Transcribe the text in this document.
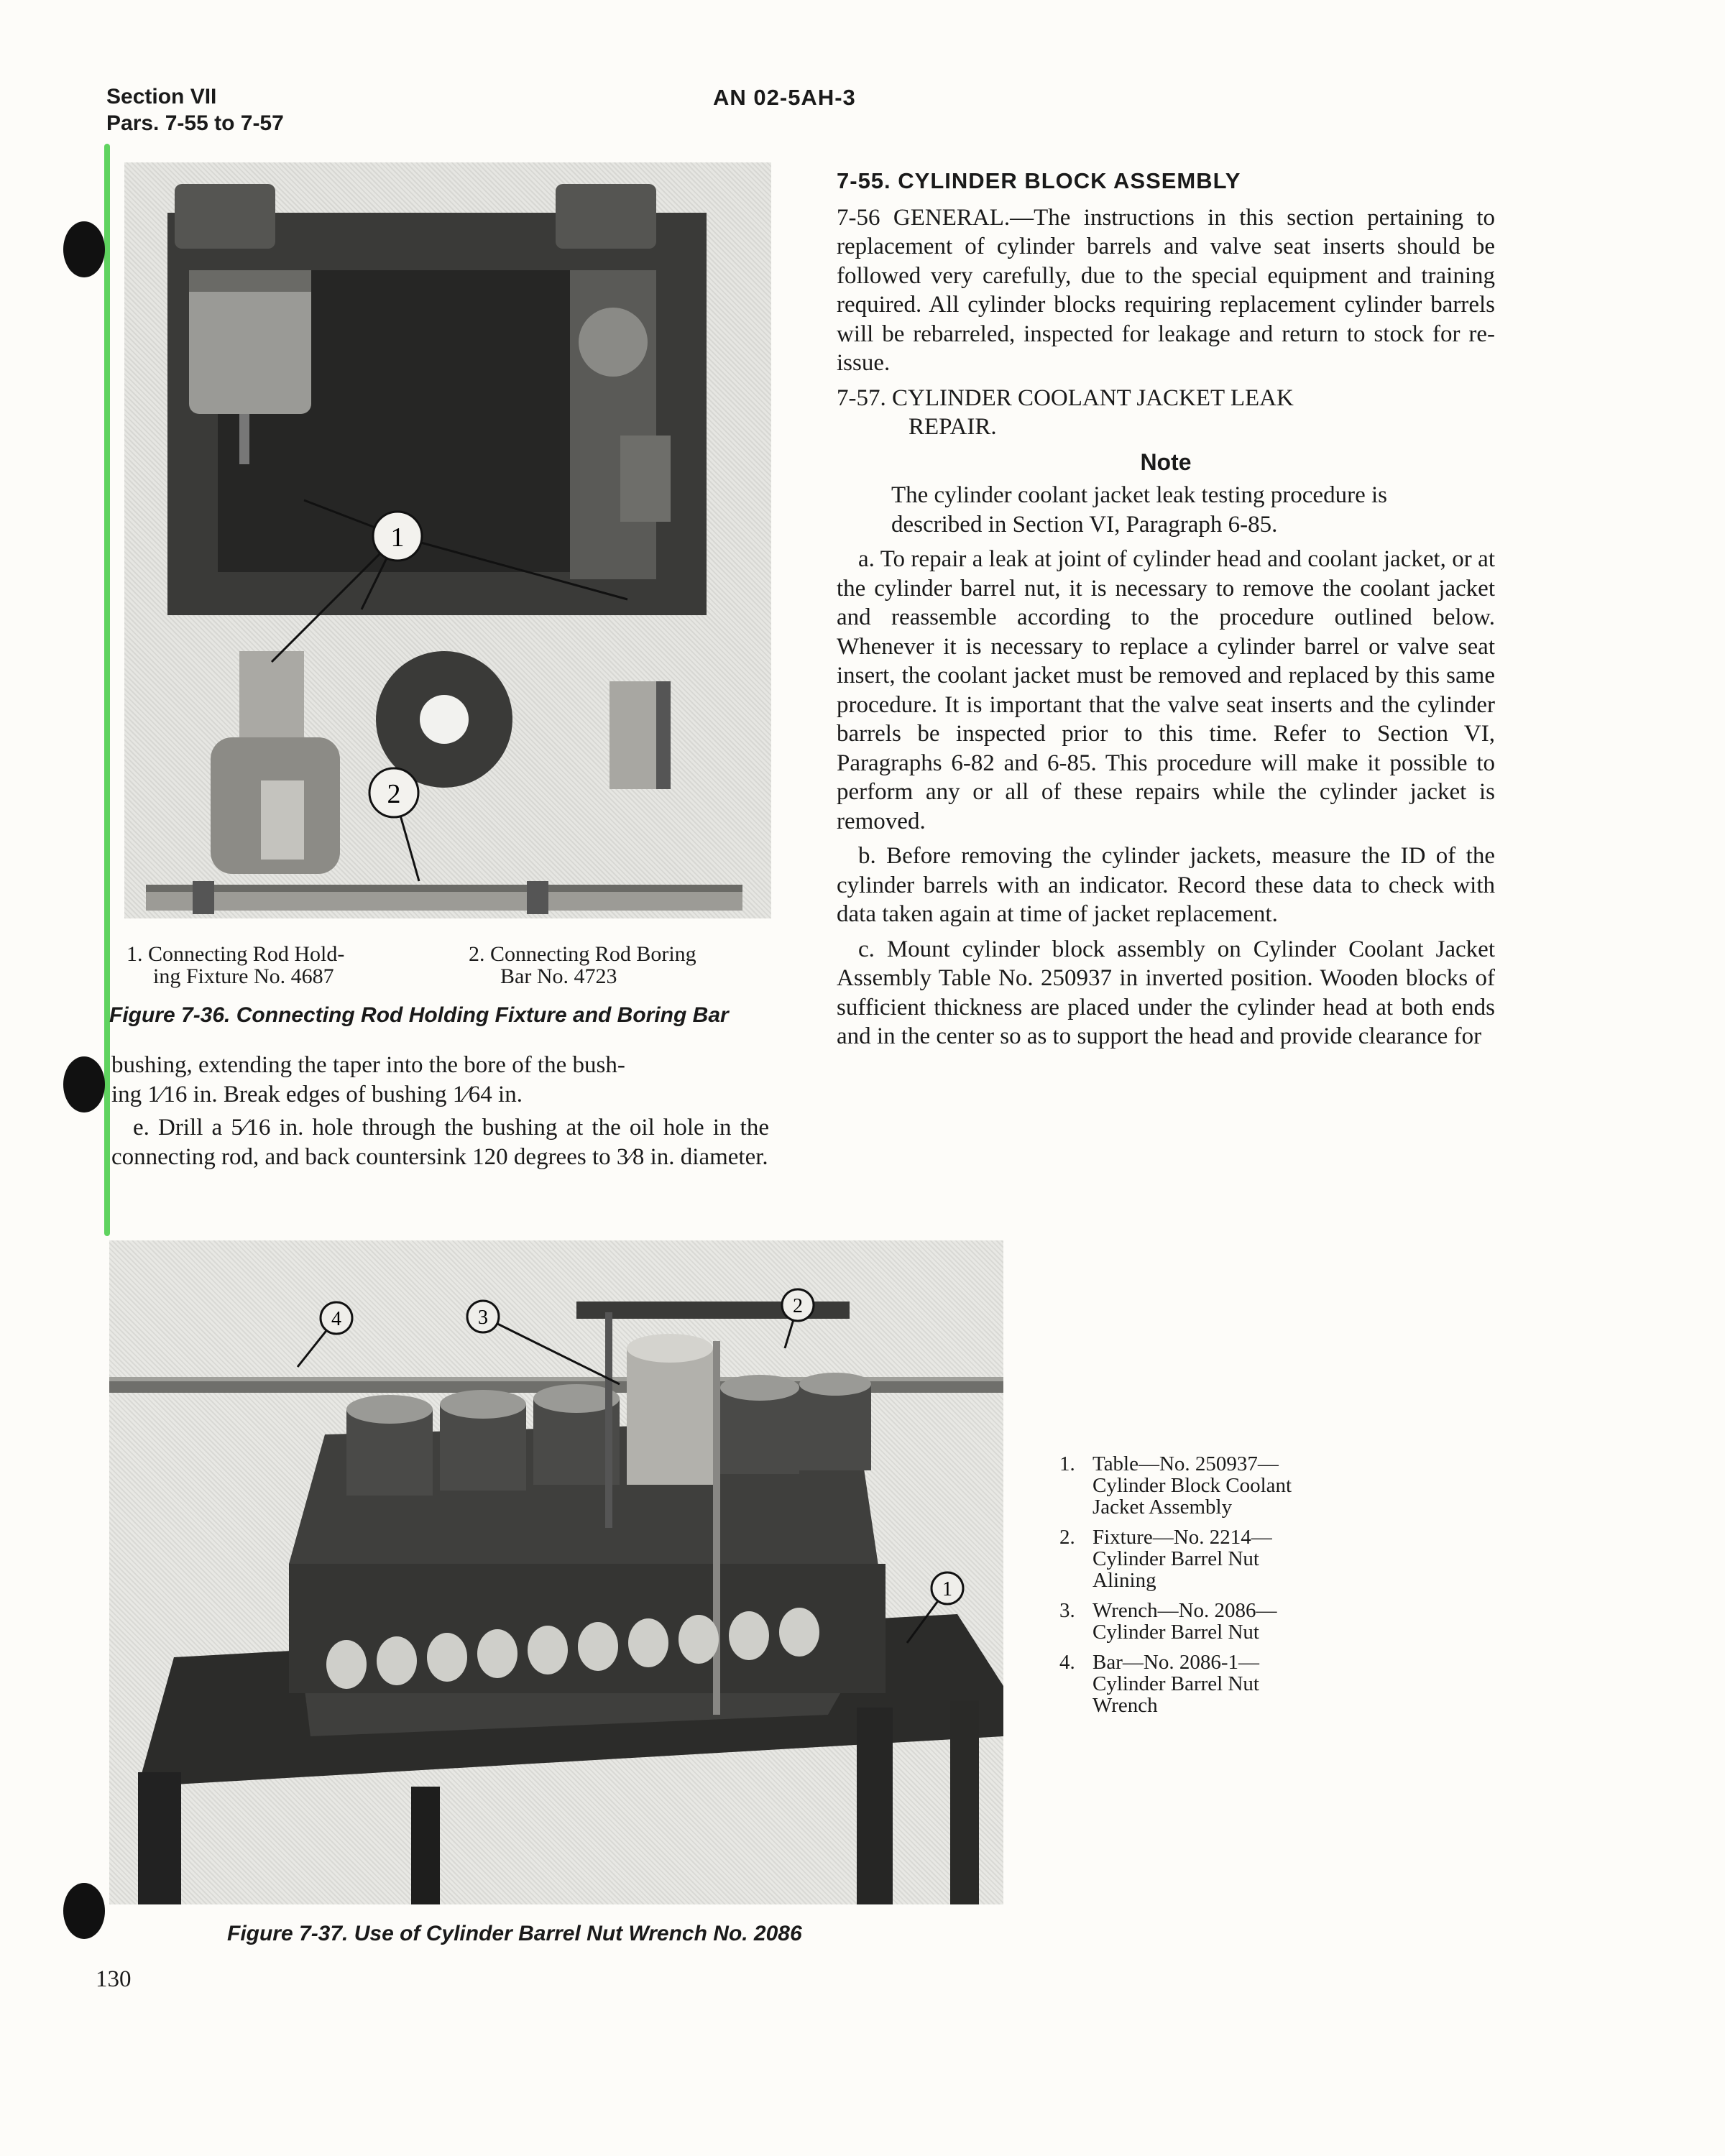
Section VII
Pars. 7-55 to 7-57
AN 02-5AH-3
1
2
1. Connecting Rod Hold-
ing Fixture No. 4687
2. Connecting Rod Boring
Bar No. 4723
Figure 7-36. Connecting Rod Holding Fixture and Boring Bar

bushing, extending the taper into the bore of the bush-
ing 1⁄16 in. Break edges of bushing 1⁄64 in.

e. Drill a 5⁄16 in. hole through the bushing at the oil hole in the connecting rod, and back countersink 120 degrees to 3⁄8 in. diameter.

7-55. CYLINDER BLOCK ASSEMBLY

7-56 GENERAL.—The instructions in this section pertaining to replacement of cylinder barrels and valve seat inserts should be followed very carefully, due to the special equipment and training required. All cylinder blocks requiring replacement cylinder barrels will be rebarreled, inspected for leakage and return to stock for re-issue.

7-57. CYLINDER COOLANT JACKET LEAK

REPAIR.

Note

The cylinder coolant jacket leak testing procedure is described in Section VI, Paragraph 6-85.

a. To repair a leak at joint of cylinder head and coolant jacket, or at the cylinder barrel nut, it is necessary to remove the coolant jacket and reassemble according to the procedure outlined below. Whenever it is necessary to replace a cylinder barrel or valve seat insert, the coolant jacket must be removed and replaced by this same procedure. It is important that the valve seat inserts and the cylinder barrels be inspected prior to this time. Refer to Section VI, Paragraphs 6-82 and 6-85. This procedure will make it possible to perform any or all of these repairs while the cylinder jacket is removed.

b. Before removing the cylinder jackets, measure the ID of the cylinder barrels with an indicator. Record these data to check with data taken again at time of jacket replacement.

c. Mount cylinder block assembly on Cylinder Coolant Jacket Assembly Table No. 250937 in inverted position. Wooden blocks of sufficient thickness are placed under the cylinder head at both ends and in the center so as to support the head and provide clearance for

4	3
2
1
1. Table—No. 250937—
Cylinder Block Coolant
Jacket Assembly
2. Fixture—No. 2214—
Cylinder Barrel Nut
Alining
3. Wrench—No. 2086—
Cylinder Barrel Nut
4. Bar—No. 2086-1—
Cylinder Barrel Nut
Wrench
Figure 7-37. Use of Cylinder Barrel Nut Wrench No. 2086
130
